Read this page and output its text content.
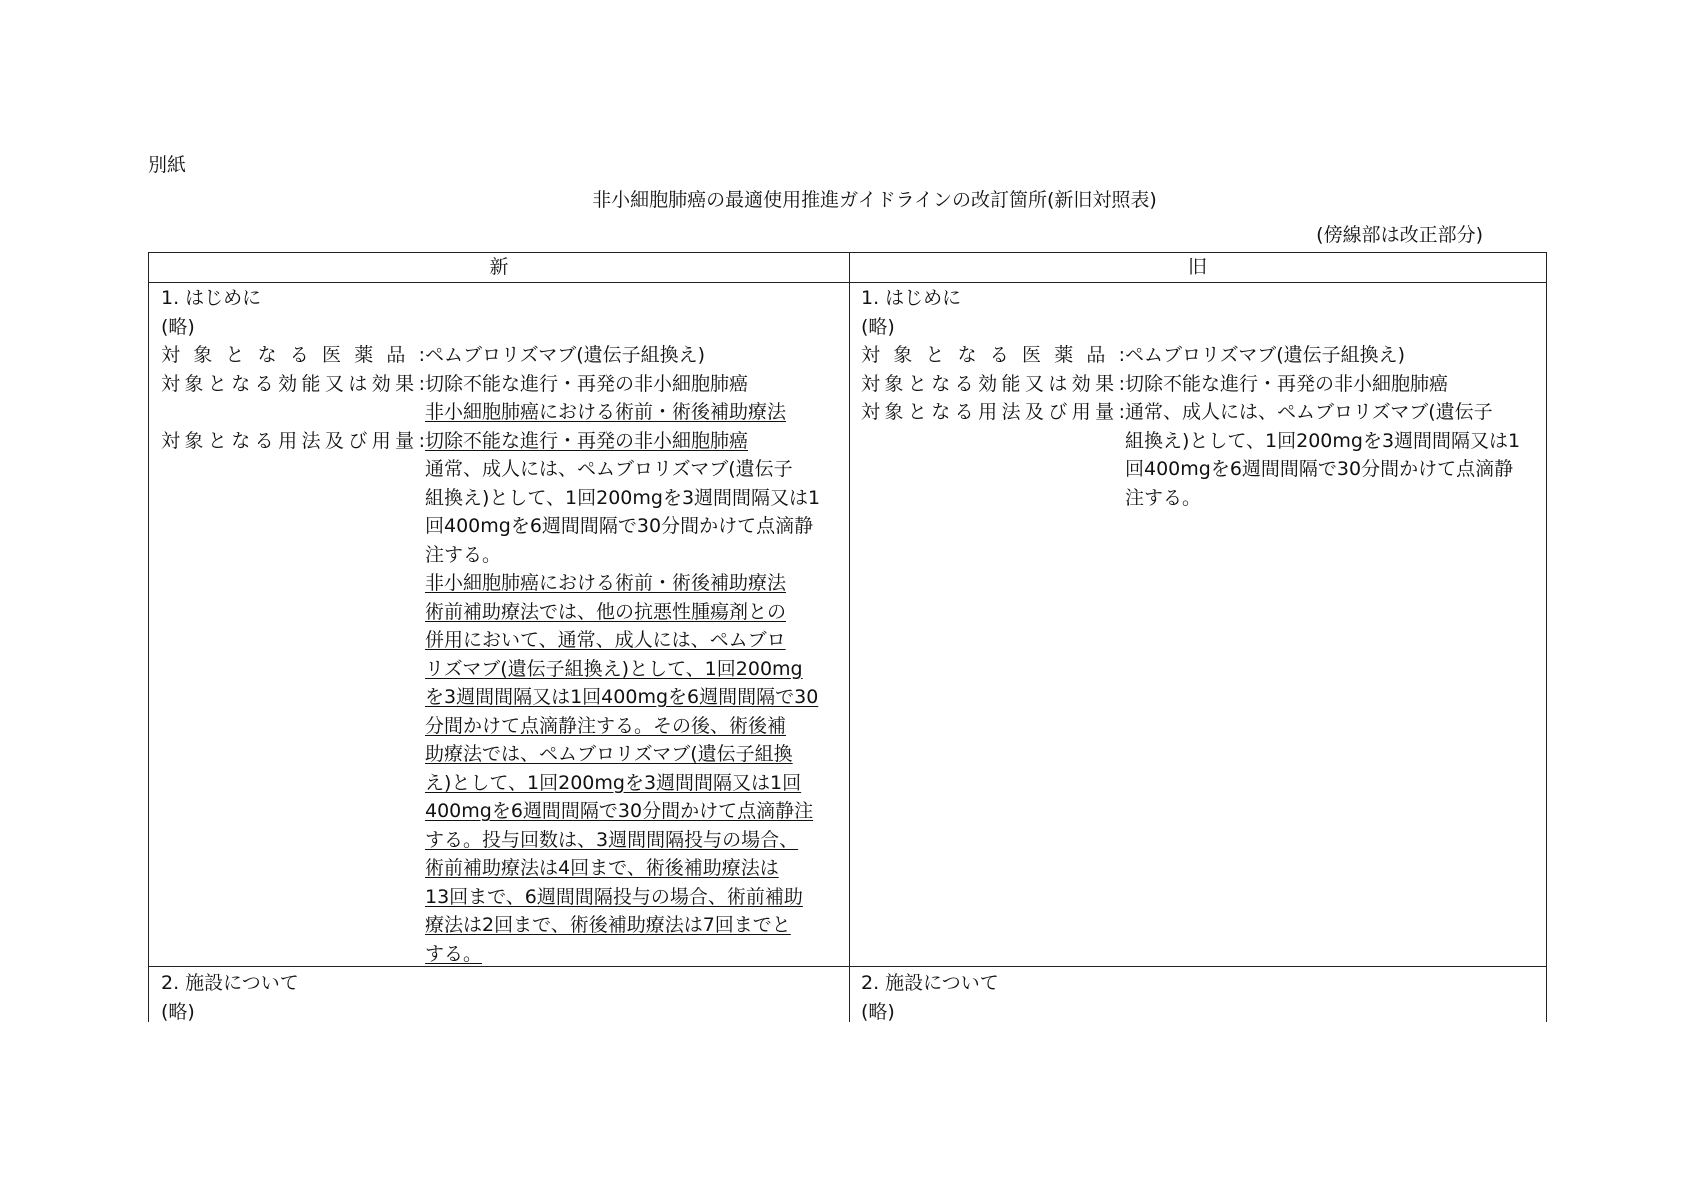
別紙
非小細胞肺癌の最適使用推進ガイドラインの改訂箇所(新旧対照表)
(傍線部は改正部分)
新	旧
1. はじめに
(略)
対象となる医薬品: ペムブロリズマブ(遺伝子組換え)
対象となる効能又は効果: 切除不能な進行・再発の非小細胞肺癌
非小細胞肺癌における術前・術後補助療法
対象となる用法及び用量: 切除不能な進行・再発の非小細胞肺癌
通常、成人には、ペムブロリズマブ(遺伝子
組換え)として、1回200mgを3週間間隔又は1
回400mgを6週間間隔で30分間かけて点滴静
注する。
非小細胞肺癌における術前・術後補助療法
術前補助療法では、他の抗悪性腫瘍剤との
併用において、通常、成人には、ペムブロ
リズマブ(遺伝子組換え)として、1回200mg
を3週間間隔又は1回400mgを6週間間隔で30
分間かけて点滴静注する。その後、術後補
助療法では、ペムブロリズマブ(遺伝子組換
え)として、1回200mgを3週間間隔又は1回
400mgを6週間間隔で30分間かけて点滴静注
する。投与回数は、3週間間隔投与の場合、
術前補助療法は4回まで、術後補助療法は
13回まで、6週間間隔投与の場合、術前補助
療法は2回まで、術後補助療法は7回までと
する。
1. はじめに
(略)
対象となる医薬品: ペムブロリズマブ(遺伝子組換え)
対象となる効能又は効果: 切除不能な進行・再発の非小細胞肺癌
対象となる用法及び用量: 通常、成人には、ペムブロリズマブ(遺伝子
組換え)として、1回200mgを3週間間隔又は1
回400mgを6週間間隔で30分間かけて点滴静
注する。
2. 施設について
(略)
2. 施設について
(略)
